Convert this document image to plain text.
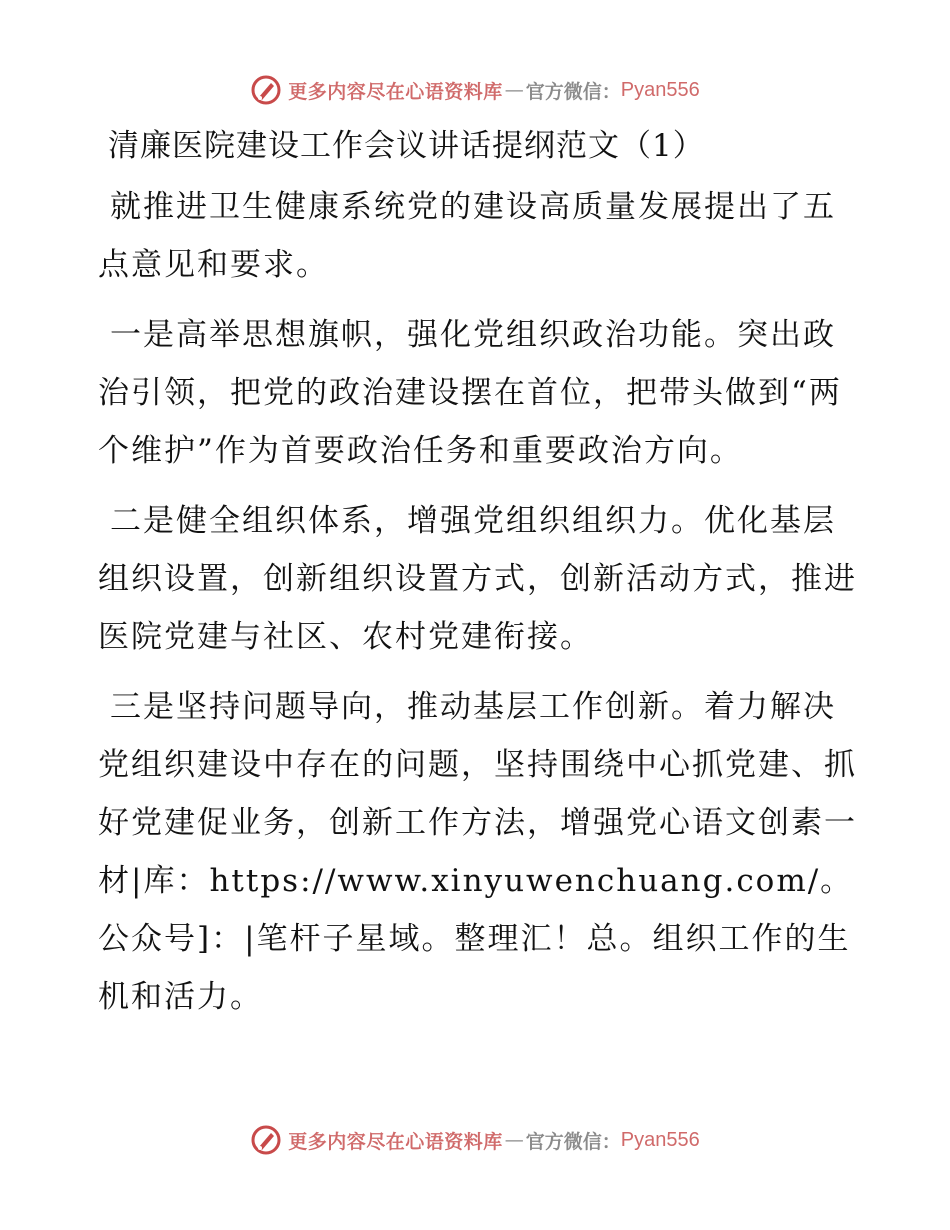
更多内容尽在心语资料库 — 官方微信： Pyan556
清廉医院建设工作会议讲话提纲范文（1）

就推进卫生健康系统党的建设高质量发展提出了五点意见和要求。

一是高举思想旗帜，强化党组织政治功能。突出政治引领，把党的政治建设摆在首位，把带头做到“两个维护”作为首要政治任务和重要政治方向。

二是健全组织体系，增强党组织组织力。优化基层组织设置，创新组织设置方式，创新活动方式，推进医院党建与社区、农村党建衔接。

三是坚持问题导向，推动基层工作创新。着力解决党组织建设中存在的问题，坚持围绕中心抓党建、抓好党建促业务，创新工作方法，增强党心语文创素一材|库：https://www.xinyuwenchuang.com/。公众号]：|笔杆子星域。整理汇！总。组织工作的生机和活力。

更多内容尽在心语资料库 — 官方微信： Pyan556
